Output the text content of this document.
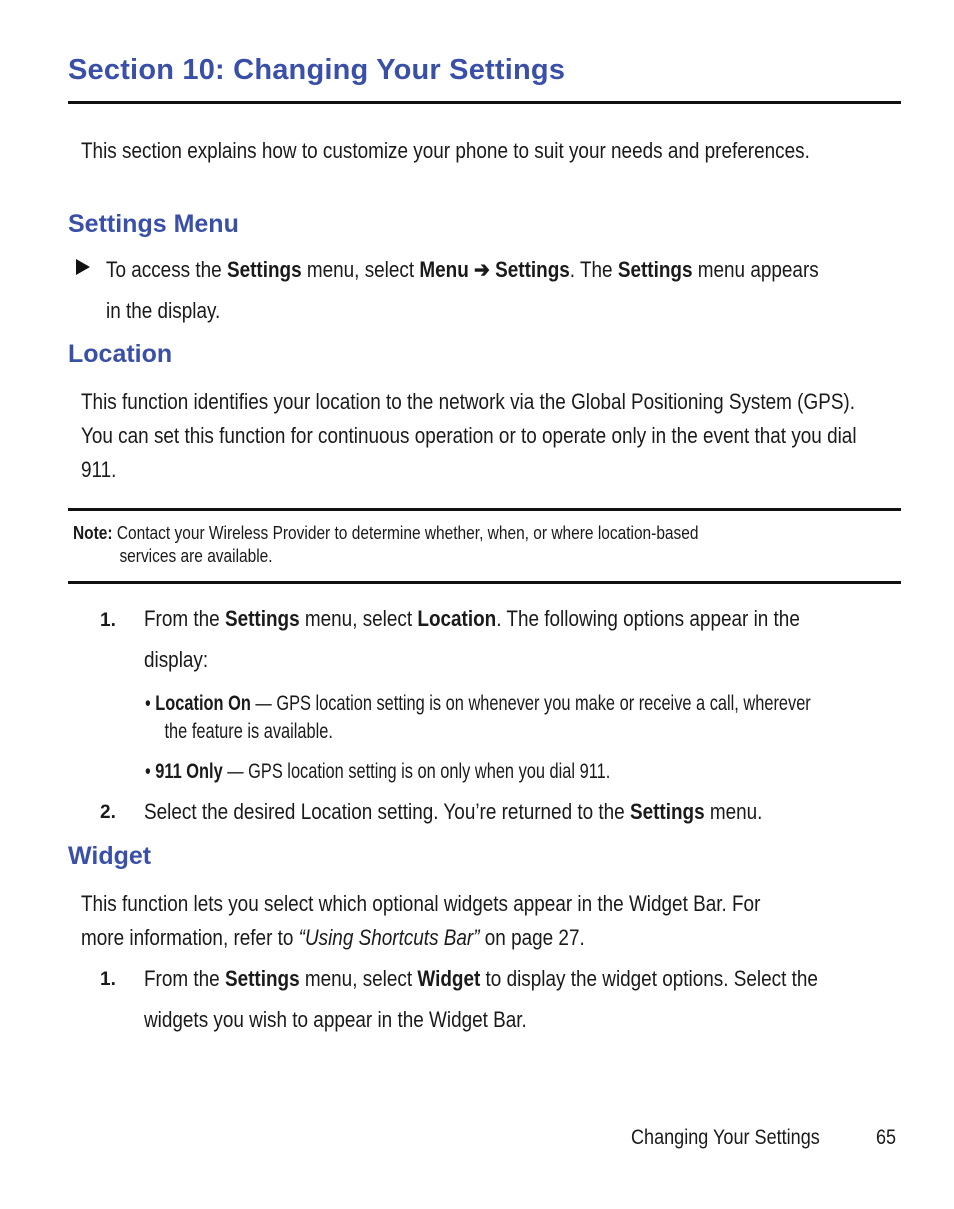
Section 10: Changing Your Settings

This section explains how to customize your phone to suit your needs and preferences.

Settings Menu

To access the Settings menu, select Menu ➔ Settings. The Settings menu appears
in the display.

Location

This function identifies your location to the network via the Global Positioning System (GPS). You can set this function for continuous operation or to operate only in the event that you dial 911.

Note: Contact your Wireless Provider to determine whether, when, or where location-based
services are available.
1. From the Settings menu, select Location. The following options appear in the
display:

• Location On — GPS location setting is on whenever you make or receive a call, wherever
the feature is available.
• 911 Only — GPS location setting is on only when you dial 911.
2. Select the desired Location setting. You’re returned to the Settings menu.

Widget

This function lets you select which optional widgets appear in the Widget Bar. For
more information, refer to “Using Shortcuts Bar” on page 27.

1. From the Settings menu, select Widget to display the widget options. Select the
widgets you wish to appear in the Widget Bar.

Changing Your Settings	65
